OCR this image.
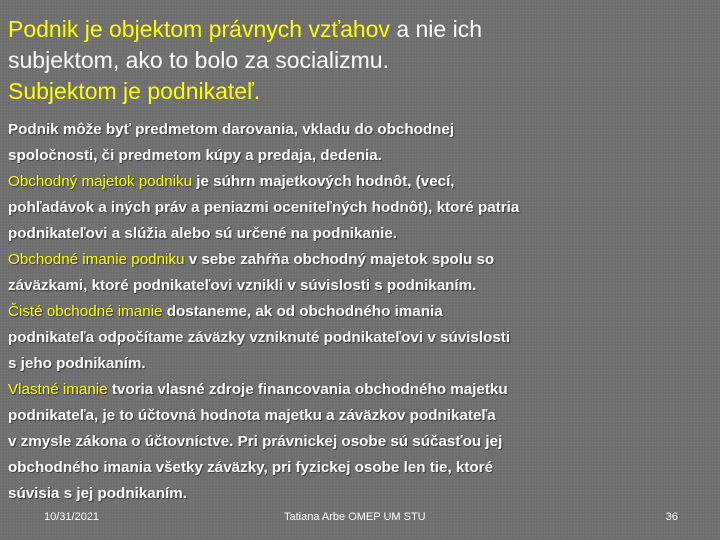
Podnik je objektom právnych vzťahov a nie ich
subjektom, ako to bolo za socializmu.
Subjektom je podnikateľ.
Podnik môže byť predmetom darovania, vkladu do obchodnej
spoločnosti, či predmetom kúpy a predaja, dedenia.
Obchodný majetok podniku je súhrn majetkových hodnôt, (vecí,
pohľadávok a iných práv a peniazmi oceniteľných hodnôt), ktoré patria
podnikateľovi a slúžia alebo sú určené na podnikanie.
Obchodné imanie podniku v sebe zahŕňa obchodný majetok spolu so
záväzkami, ktoré podnikateľovi vznikli v súvislosti s podnikaním.
Čisté obchodné imanie dostaneme, ak od obchodného imania
podnikateľa odpočítame záväzky vzniknuté podnikateľovi v súvislosti
s jeho podnikaním.
Vlastné imanie tvoria vlasné zdroje financovania obchodného majetku
podnikateľa, je to účtovná hodnota majetku a záväzkov podnikateľa
v zmysle zákona o účtovníctve. Pri právnickej osobe sú súčasťou jej
obchodného imania všetky záväzky, pri fyzickej osobe len tie, ktoré
súvisia s jej podnikaním.
10/31/2021	Tatiana Arbe OMEP UM STU	36
